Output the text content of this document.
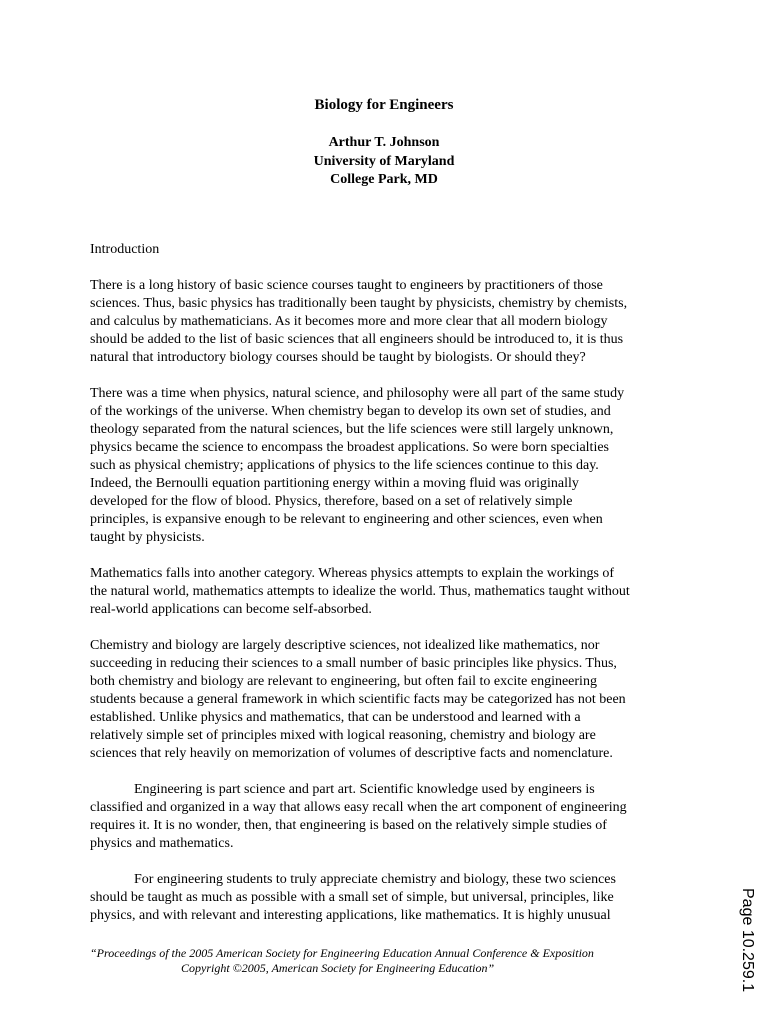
Biology for Engineers
Arthur T. Johnson
University of Maryland
College Park, MD
Introduction
There is a long history of basic science courses taught to engineers by practitioners of those
sciences. Thus, basic physics has traditionally been taught by physicists, chemistry by chemists,
and calculus by mathematicians. As it becomes more and more clear that all modern biology
should be added to the list of basic sciences that all engineers should be introduced to, it is thus
natural that introductory biology courses should be taught by biologists. Or should they?
There was a time when physics, natural science, and philosophy were all part of the same study
of the workings of the universe. When chemistry began to develop its own set of studies, and
theology separated from the natural sciences, but the life sciences were still largely unknown,
physics became the science to encompass the broadest applications. So were born specialties
such as physical chemistry; applications of physics to the life sciences continue to this day.
Indeed, the Bernoulli equation partitioning energy within a moving fluid was originally
developed for the flow of blood. Physics, therefore, based on a set of relatively simple
principles, is expansive enough to be relevant to engineering and other sciences, even when
taught by physicists.
Mathematics falls into another category. Whereas physics attempts to explain the workings of
the natural world, mathematics attempts to idealize the world. Thus, mathematics taught without
real-world applications can become self-absorbed.
Chemistry and biology are largely descriptive sciences, not idealized like mathematics, nor
succeeding in reducing their sciences to a small number of basic principles like physics. Thus,
both chemistry and biology are relevant to engineering, but often fail to excite engineering
students because a general framework in which scientific facts may be categorized has not been
established. Unlike physics and mathematics, that can be understood and learned with a
relatively simple set of principles mixed with logical reasoning, chemistry and biology are
sciences that rely heavily on memorization of volumes of descriptive facts and nomenclature.
Engineering is part science and part art. Scientific knowledge used by engineers is
classified and organized in a way that allows easy recall when the art component of engineering
requires it. It is no wonder, then, that engineering is based on the relatively simple studies of
physics and mathematics.
For engineering students to truly appreciate chemistry and biology, these two sciences
should be taught as much as possible with a small set of simple, but universal, principles, like
physics, and with relevant and interesting applications, like mathematics. It is highly unusual
“Proceedings of the 2005 American Society for Engineering Education Annual Conference & Exposition
Copyright ©2005, American Society for Engineering Education”	Page 10.259.1
